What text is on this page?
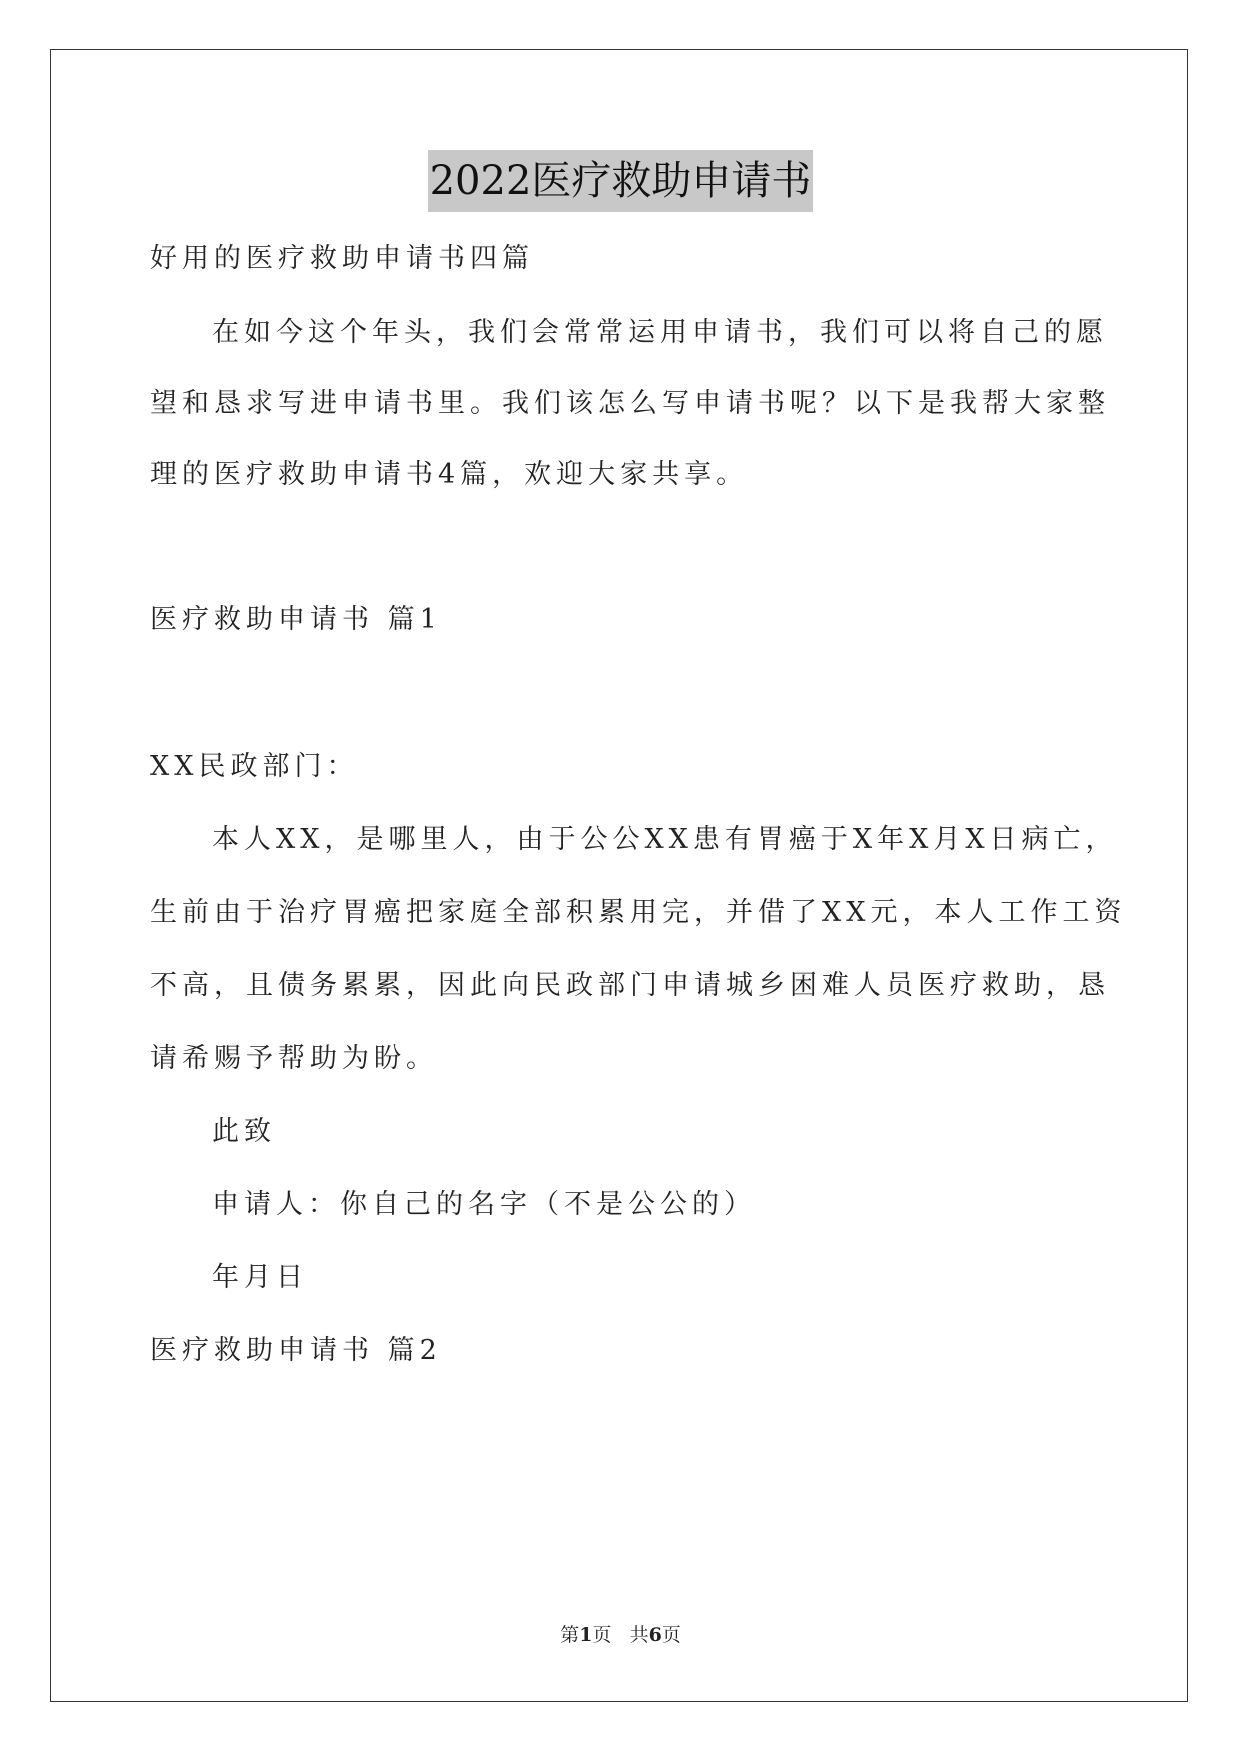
2022医疗救助申请书
好用的医疗救助申请书四篇
在如今这个年头，我们会常常运用申请书，我们可以将自己的愿
望和恳求写进申请书里。我们该怎么写申请书呢？以下是我帮大家整
理的医疗救助申请书4篇，欢迎大家共享。
医疗救助申请书 篇1
XX民政部门：
本人XX，是哪里人，由于公公XX患有胃癌于X年X月X日病亡，
生前由于治疗胃癌把家庭全部积累用完，并借了XX元，本人工作工资
不高，且债务累累，因此向民政部门申请城乡困难人员医疗救助，恳
请希赐予帮助为盼。
此致
申请人：你自己的名字（不是公公的）
年月日
医疗救助申请书 篇2
第1页 共6页
